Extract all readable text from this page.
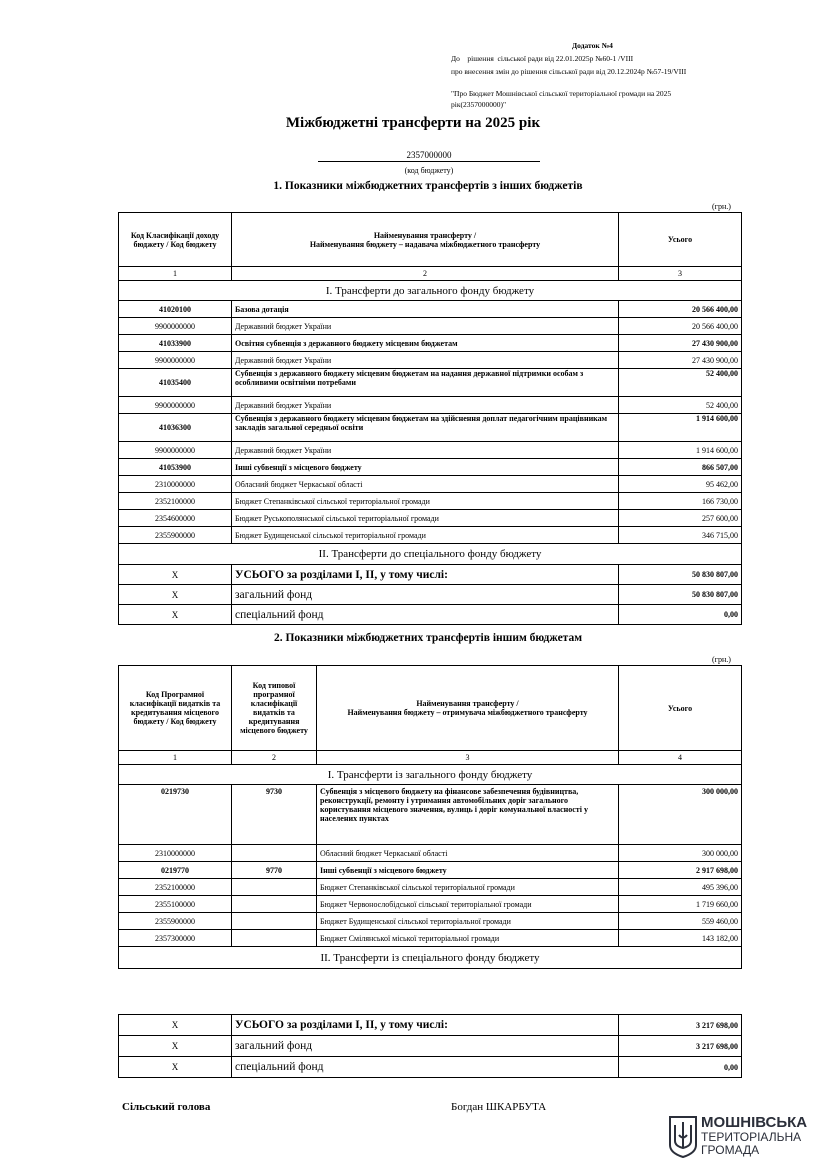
Додаток №4
До    рішення  сільської ради від 22.01.2025р №60-1 /VIII
про внесення змін до рішення сільської ради від 20.12.2024р №57-19/VIII
"Про Бюджет Мошнівської сільської територіальної громади на 2025
рік(2357000000)"
Міжбюджетні трансферти на 2025 рік
2357000000
(код бюджету)
1. Показники міжбюджетних трансфертів з інших бюджетів
(грн.)
Код Класифікації доходу бюджету / Код бюджету	Найменування трансферту /
Найменування бюджету – надавача міжбюджетного трансферту	Усього
1	2	3
I. Трансферти до загального фонду бюджету		
41020100	Базова дотація	20 566 400,00
9900000000	Державний бюджет України	20 566 400,00
41033900	Освітня субвенція з державного бюджету місцевим бюджетам	27 430 900,00
9900000000	Державний бюджет України	27 430 900,00
41035400	Субвенція з державного бюджету місцевим бюджетам на надання державної підтримки особам з особливими освітніми потребами	52 400,00
9900000000	Державний бюджет України	52 400,00
41036300	Субвенція з державного бюджету місцевим бюджетам на здійснення доплат педагогічним працівникам закладів загальної середньої освіти	1 914 600,00
9900000000	Державний бюджет України	1 914 600,00
41053900	Інші субвенції з місцевого бюджету	866 507,00
2310000000	Обласний бюджет Черкаської області	95 462,00
2352100000	Бюджет Степанківської сільської територіальної громади	166 730,00
2354600000	Бюджет Руськополянської сільської територіальної громади	257 600,00
2355900000	Бюджет Будищенської сільської територіальної громади	346 715,00
II. Трансферти до спеціального фонду бюджету		
X	УСЬОГО за розділами І, ІІ, у тому числі:	50 830 807,00
X	загальний фонд	50 830 807,00
X	спеціальний фонд	0,00
2. Показники міжбюджетних трансфертів іншим бюджетам
(грн.)
Код Програмної класифікації видатків та кредитування місцевого бюджету / Код бюджету	Код типової програмної класифікації видатків та кредитування місцевого бюджету	Найменування трансферту /
Найменування бюджету – отримувача міжбюджетного трансферту	Усього
1	2	3	4
I. Трансферти із загального фонду бюджету			
0219730	9730	Субвенція з місцевого бюджету на фінансове забезпечення будівництва, реконструкції, ремонту і утримання автомобільних доріг загального користування місцевого значення, вулиць і доріг комунальної власності у населених пунктах	300 000,00
2310000000		Обласний бюджет Черкаської області	300 000,00
0219770	9770	Інші субвенції з місцевого бюджету	2 917 698,00
2352100000		Бюджет Степанківської сільської територіальної громади	495 396,00
2355100000		Бюджет Червонослобідської сільської територіальної громади	1 719 660,00
2355900000		Бюджет Будищенської сільської територіальної громади	559 460,00
2357300000		Бюджет Смілянської міської територіальної громади	143 182,00
II. Трансферти із спеціального фонду бюджету			
X	УСЬОГО за розділами І, ІІ, у тому числі:	3 217 698,00
X	загальний фонд	3 217 698,00
X	спеціальний фонд	0,00
Сільський голова	Богдан ШКАРБУТА
МОШНІВСЬКА
ТЕРИТОРІАЛЬНА
ГРОМАДА
